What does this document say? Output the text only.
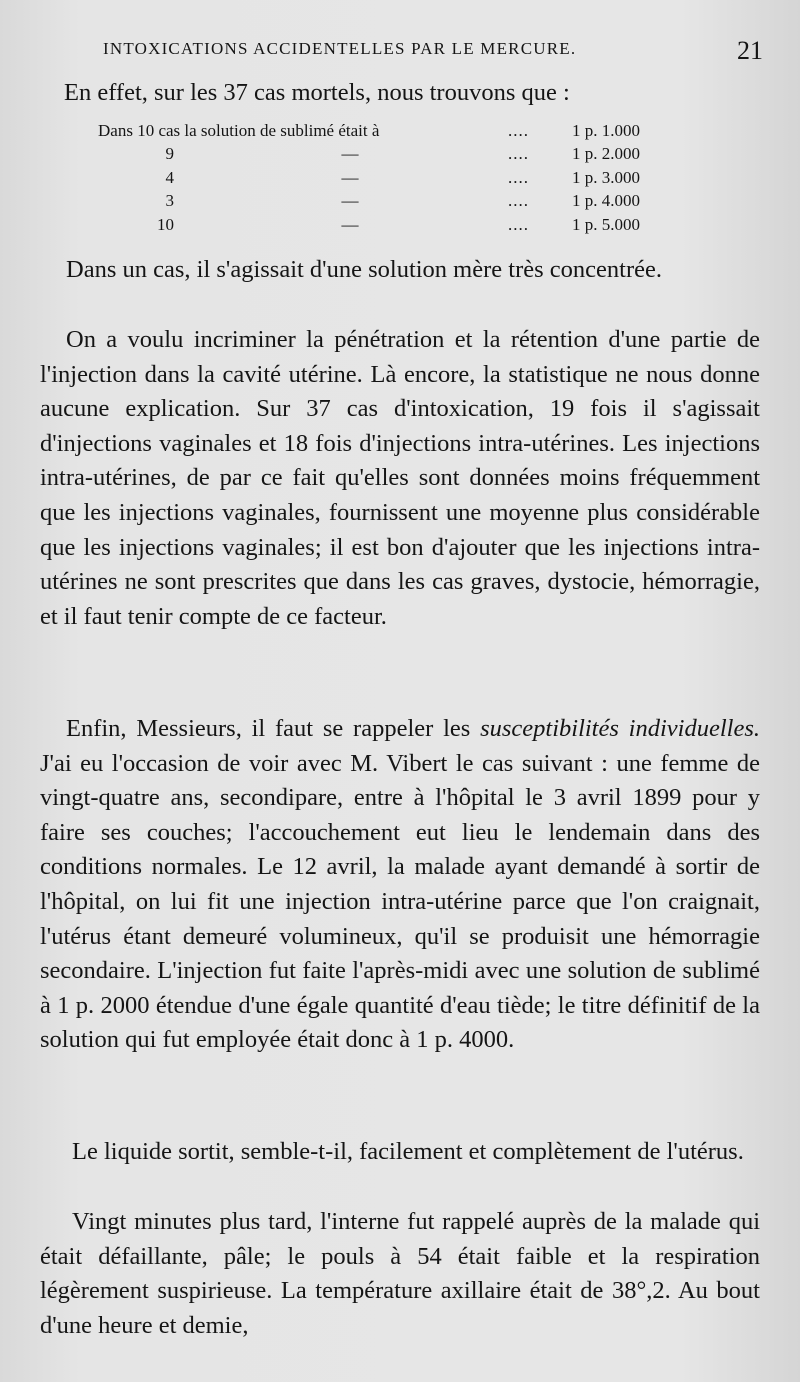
INTOXICATIONS ACCIDENTELLES PAR LE MERCURE.	21

En effet, sur les 37 cas mortels, nous trouvons que :

Dans 10 cas la solution de sublimé était à	....	1 p. 1.000
9	—	....	1 p. 2.000
4	—	....	1 p. 3.000
3	—	....	1 p. 4.000
10	—	....	1 p. 5.000

Dans un cas, il s'agissait d'une solution mère très concentrée.

On a voulu incriminer la pénétration et la rétention d'une partie de l'injection dans la cavité utérine. Là encore, la statistique ne nous donne aucune explication. Sur 37 cas d'intoxication, 19 fois il s'agissait d'injections vaginales et 18 fois d'injections intra-utérines. Les injections intra-utérines, de par ce fait qu'elles sont données moins fréquemment que les injections vaginales, fournissent une moyenne plus considérable que les injections vaginales; il est bon d'ajouter que les injections intra-utérines ne sont prescrites que dans les cas graves, dystocie, hémorragie, et il faut tenir compte de ce facteur.

Enfin, Messieurs, il faut se rappeler les susceptibilités individuelles. J'ai eu l'occasion de voir avec M. Vibert le cas suivant : une femme de vingt-quatre ans, secondipare, entre à l'hôpital le 3 avril 1899 pour y faire ses couches; l'accouchement eut lieu le lendemain dans des conditions normales. Le 12 avril, la malade ayant demandé à sortir de l'hôpital, on lui fit une injection intra-utérine parce que l'on craignait, l'utérus étant demeuré volumineux, qu'il se produisit une hémorragie secondaire. L'injection fut faite l'après-midi avec une solution de sublimé à 1 p. 2000 étendue d'une égale quantité d'eau tiède; le titre définitif de la solution qui fut employée était donc à 1 p. 4000.

Le liquide sortit, semble-t-il, facilement et complètement de l'utérus.

Vingt minutes plus tard, l'interne fut rappelé auprès de la malade qui était défaillante, pâle; le pouls à 54 était faible et la respiration légèrement suspirieuse. La température axillaire était de 38°,2. Au bout d'une heure et demie,
